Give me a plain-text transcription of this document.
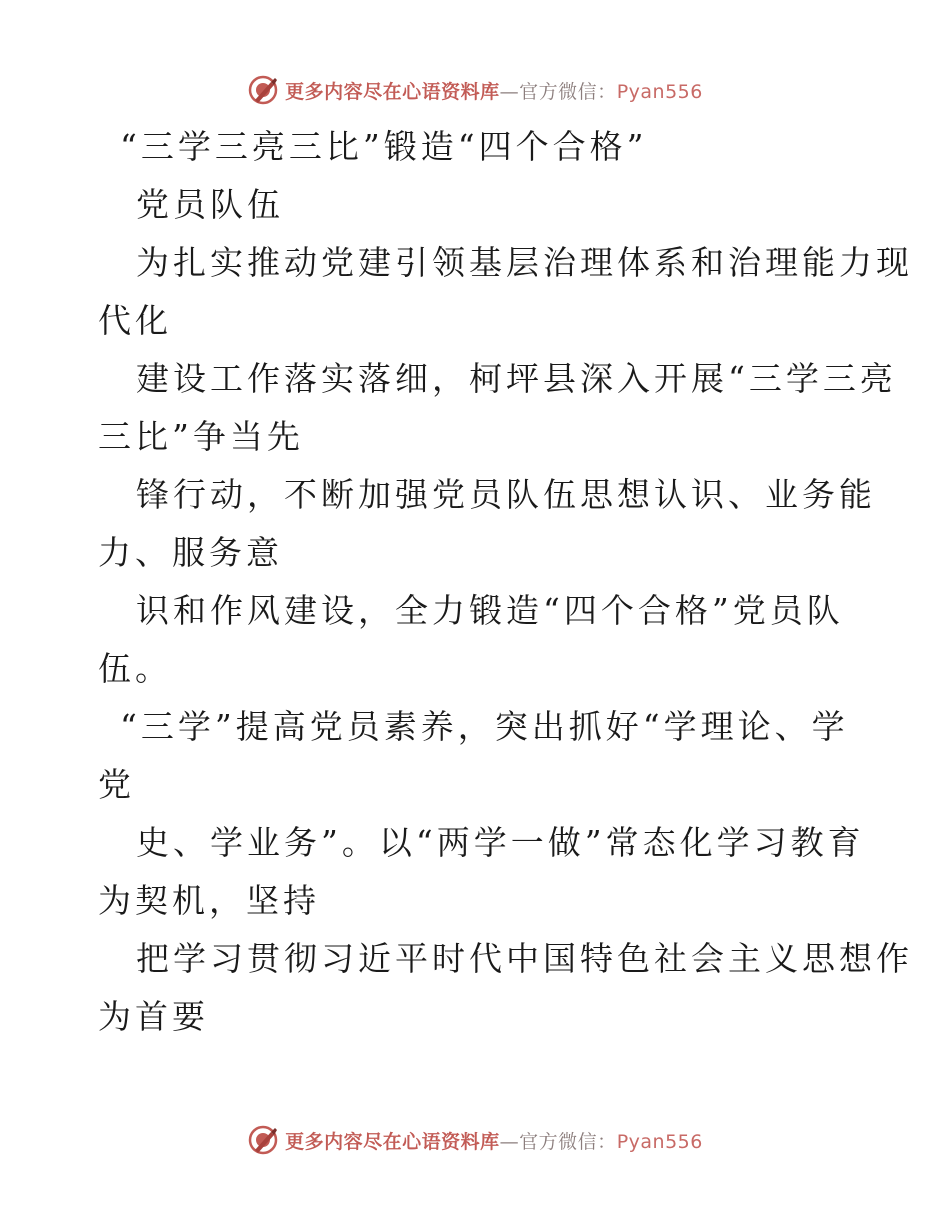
更多内容尽在心语资料库—官方微信：Pyan556
“三学三亮三比”锻造“四个合格”
党员队伍
为扎实推动党建引领基层治理体系和治理能力现
代化
建设工作落实落细，柯坪县深入开展“三学三亮
三比”争当先
锋行动，不断加强党员队伍思想认识、业务能
力、服务意
识和作风建设，全力锻造“四个合格”党员队
伍。
“三学”提高党员素养，突出抓好“学理论、学
党
史、学业务”。以“两学一做”常态化学习教育
为契机，坚持
把学习贯彻习近平时代中国特色社会主义思想作
为首要
更多内容尽在心语资料库—官方微信：Pyan556
